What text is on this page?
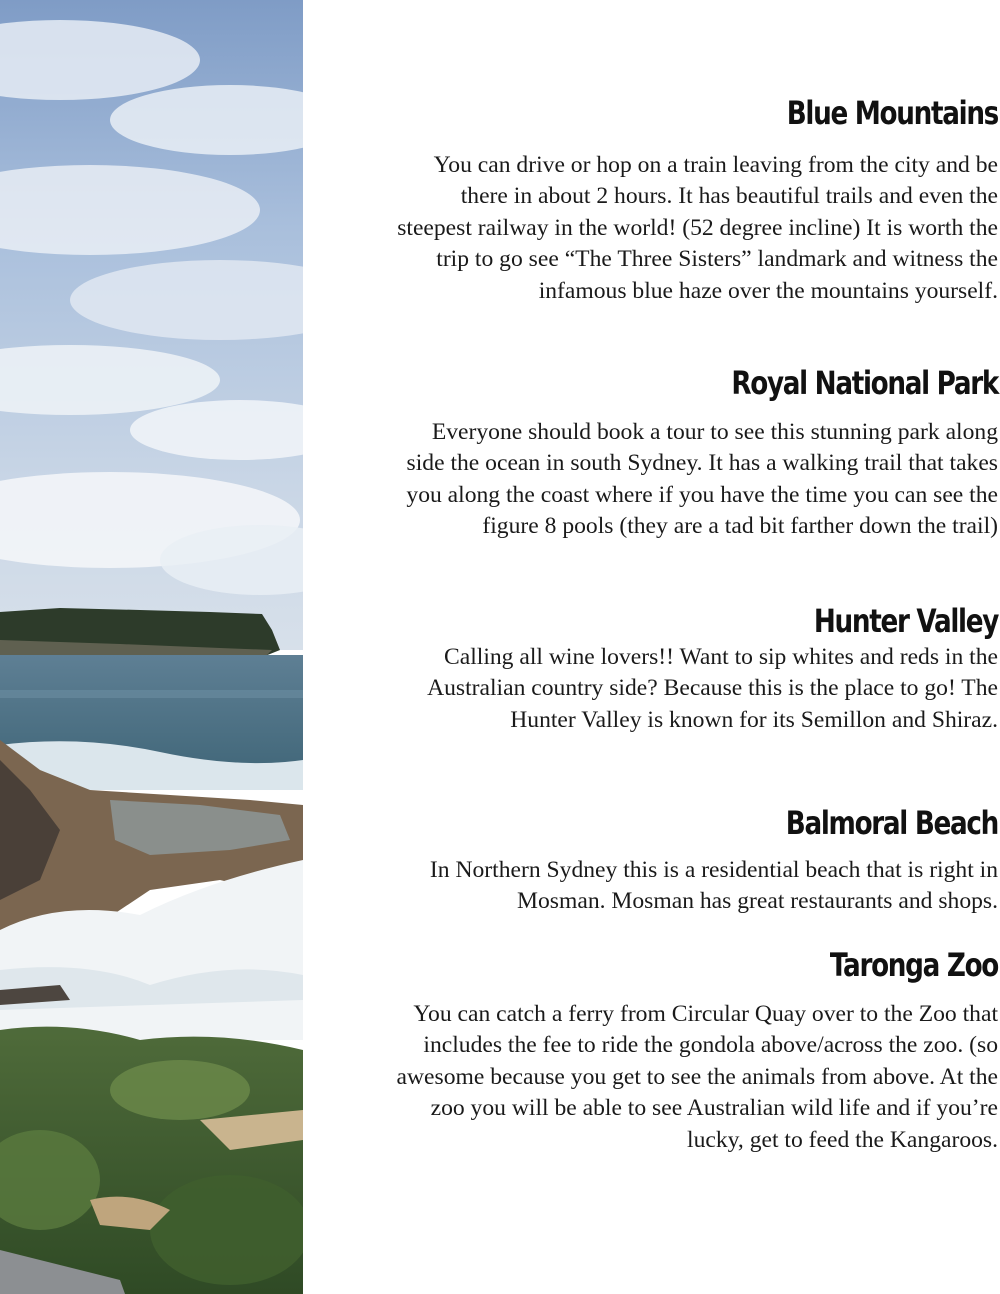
Blue Mountains

You can drive or hop on a train leaving from the city and be
there in about 2 hours. It has beautiful trails and even the
steepest railway in the world! (52 degree incline) It is worth the
trip to go see “The Three Sisters” landmark and witness the
infamous blue haze over the mountains yourself.

Royal National Park

Everyone should book a tour to see this stunning park along
side the ocean in south Sydney. It has a walking trail that takes
you along the coast where if you have the time you can see the
figure 8 pools (they are a tad bit farther down the trail)

Hunter Valley

Calling all wine lovers!! Want to sip whites and reds in the
Australian country side? Because this is the place to go! The
Hunter Valley is known for its Semillon and Shiraz.

Balmoral Beach

In Northern Sydney this is a residential beach that is right in
Mosman. Mosman has great restaurants and shops.

Taronga Zoo

You can catch a ferry from Circular Quay over to the Zoo that
includes the fee to ride the gondola above/across the zoo. (so
awesome because you get to see the animals from above. At the
zoo you will be able to see Australian wild life and if you’re
lucky, get to feed the Kangaroos.
